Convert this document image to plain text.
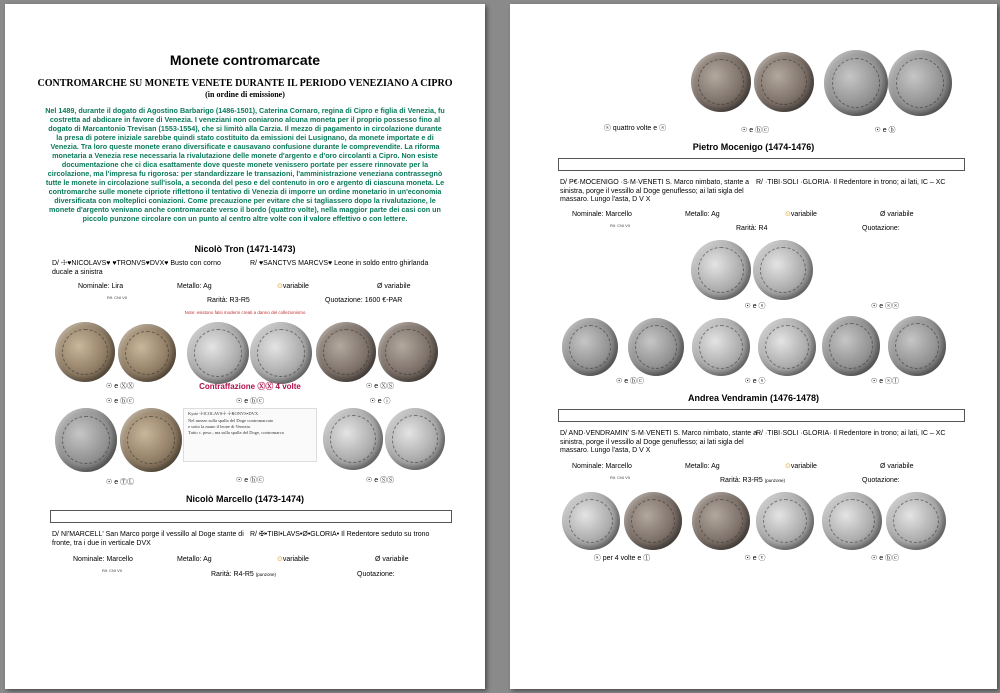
Monete contromarcate
CONTROMARCHE SU MONETE VENETE DURANTE IL PERIODO VENEZIANO A CIPRO
(in ordine di emissione)
Nel 1489, durante il dogato di Agostino Barbarigo (1486-1501), Caterina Cornaro, regina di Cipro e figlia di Venezia, fu costretta ad abdicare in favore di Venezia. I veneziani non coniarono alcuna moneta per il proprio possesso fino al dogato di Marcantonio Trevisan (1553-1554), che si limitò alla Carzia. Il mezzo di pagamento in circolazione durante la presa di potere iniziale sarebbe quindi stato costituito da emissioni dei Lusignano, da monete importate e di Venezia. Tra loro queste monete erano diversificate e causavano confusione durante le comprevendite. La riforma monetaria a Venezia rese necessaria la rivalutazione delle monete d'argento e d'oro circolanti a Cipro. Non esiste documentazione che ci dica esattamente dove queste monete venissero portate per essere rinnovate per la circolazione, ma l'impresa fu rigorosa: per standardizzare le transazioni, l'amministrazione veneziana contrassegnò tutte le monete in circolazione sull'isola, a seconda del peso e del contenuto in oro e argento di ciascuna moneta. Le contromarche sulle monete cipriote riflettono il tentativo di Venezia di imporre un ordine monetario in un'economia diversificata con molteplici coniazioni. Come precauzione per evitare che si tagliassero dopo la rivalutazione, le monete d'argento venivano anche contromarcate verso il bordo (quattro volte), nella maggior parte dei casi con un piccolo punzone circolare con un punto al centro altre volte con il valore effettivo o con lettere.
Nicolò Tron (1471-1473)
D/ ☩♥NICOLAVS♥ ♥TRONVS♥DVX♥ Busto con corno ducale a sinistra
R/ ♥SANCTVS MARCVS♥ Leone in soldo entro ghirlanda
Nominale: Lira	Metallo: Ag	⊙variabile	Ø variabile
Rif. CNI VII	Rarità: R3-R5	Quotazione: 1600 €-PAR
Note: esistono falsi moderni creati a danno del collezionismo
☉ e ⓍⓍ	Contraffazione ⓍⓍ 4 volte	☉ e ⓍⓈ
☉ e ⓑⓒ	☉ e ⓑⓒ	☉ e ⓘ
Kyrie ☩ICOLAVS☩ ☩RONVS•DVX
Nel mezzo sulla spalla del Doge contromarcato
e sotto la mano il leone di Venezia.
Tutto c. peso.; ma sulla spalla del Doge, contromarca
☉ e ⓉⓁ	☉ e ⓑⓒ	☉ e ⓈⓈ
Nicolò Marcello (1473-1474)
D/ NI'MARCELL' San Marco porge il vessillo al Doge stante di fronte, tra i due in verticale DVX
R/ ✠•TIBI•LAVS•Ø•GLORIA• Il Redentore seduto su trono
Nominale: Marcello	Metallo: Ag	⊙variabile	Ø variabile
Rif. CNI VII
Rarità: R4-R5 (punzone)	Quotazione:
ⓢ quattro volte e ⓢ	☉ e ⓑⓒ	☉ e ⓑ
Pietro Mocenigo (1474-1476)
D/ P€·MOCENIGO ·S·M·VENETI S. Marco nimbato, stante a sinistra, porge il vessillo al Doge genuflesso; ai lati sigla del massaro. Lungo l'asta, D V X
R/ ·TIBI·SOLI ·GLORIA· Il Redentore in trono; ai lati, IC – XC
Nominale: Marcello	Metallo: Ag	⊙variabile	Ø variabile
Rif. CNI VII	Rarità: R4	Quotazione:
☉ e ⓢ	☉ e ⓢⓢ
☉ e ⓑⓒ	☉ e ⓢ	☉ e ⓢⓛ
Andrea Vendramin (1476-1478)
D/ AND·VENDRAMIN' S·M·VENETI S. Marco nimbato, stante a sinistra, porge il vessillo al Doge genuflesso; ai lati sigla del massaro. Lungo l'asta, D V X
R/ ·TIBI·SOLI ·GLORIA· Il Redentore in trono; ai lati, IC – XC
Nominale: Marcello	Metallo: Ag	⊙variabile	Ø variabile
Rif. CNI VII	Rarità: R3-R5 (punzone)	Quotazione:
ⓢ per 4 volte e ①	☉ e ⓥ	☉ e ⓑⓒ
